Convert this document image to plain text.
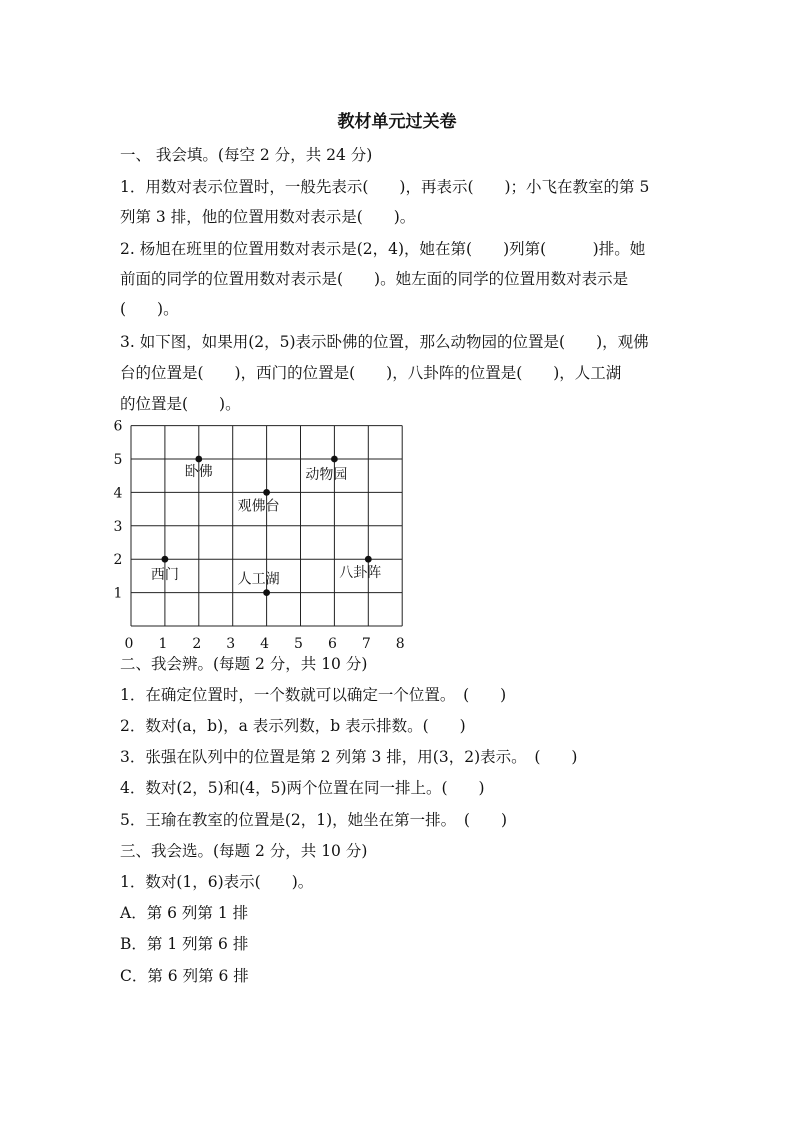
教材单元过关卷
一、 我会填。(每空 2 分，共 24 分)
1．用数对表示位置时，一般先表示(　　)，再表示(　　)；小飞在教室的第 5
列第 3 排，他的位置用数对表示是(　　)。
2. 杨旭在班里的位置用数对表示是(2，4)，她在第(　　)列第(　　　)排。她
前面的同学的位置用数对表示是(　　)。她左面的同学的位置用数对表示是
(　　)。
3. 如下图，如果用(2，5)表示卧佛的位置，那么动物园的位置是(　　)，观佛
台的位置是(　　)，西门的位置是(　　)，八卦阵的位置是(　　)，人工湖
的位置是(　　)。
0 1 2 3 4 5 6 7 8
1
2
3
4
5
6
卧佛	动物园
观佛台
西门	八卦阵
人工湖
二、我会辨。(每题 2 分，共 10 分)
1．在确定位置时，一个数就可以确定一个位置。　(　　)
2．数对(a，b)，a 表示列数，b 表示排数。(　　)
3．张强在队列中的位置是第 2 列第 3 排，用(3，2)表示。　(　　)
4．数对(2，5)和(4，5)两个位置在同一排上。(　　)
5．王瑜在教室的位置是(2，1)，她坐在第一排。　(　　)
三、我会选。(每题 2 分，共 10 分)
1．数对(1，6)表示(　　)。
A．第 6 列第 1 排
B．第 1 列第 6 排
C．第 6 列第 6 排
